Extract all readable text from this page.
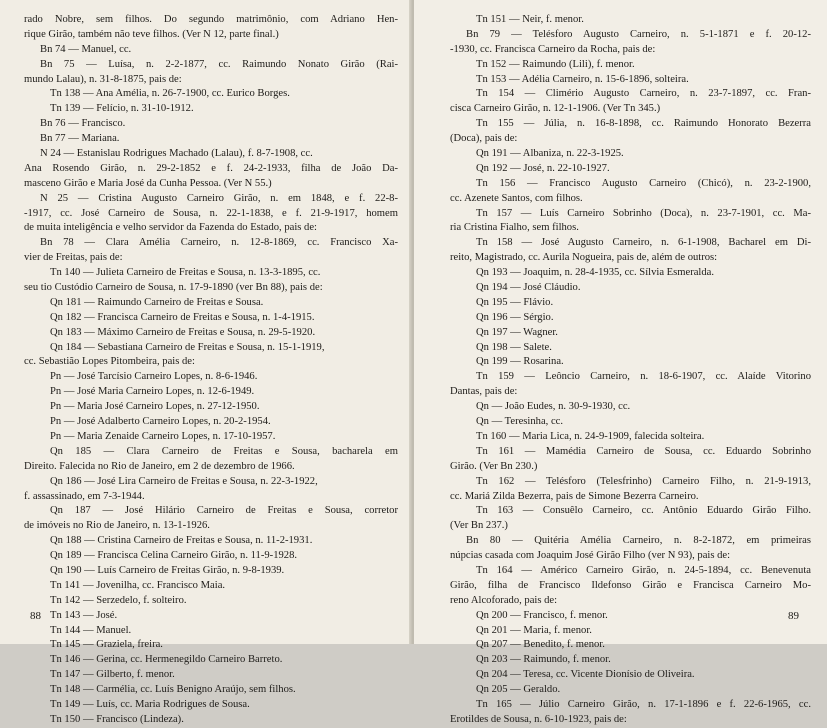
rado Nobre, sem filhos. Do segundo matrimônio, com Adriano Hen-
rique Girão, também não teve filhos. (Ver N 12, parte final.)
Bn 74 — Manuel, cc.
Bn 75 — Luísa, n. 2-2-1877, cc. Raimundo Nonato Girão (Rai-
mundo Lalau), n. 31-8-1875, pais de:
Tn 138 — Ana Amélia, n. 26-7-1900, cc. Eurico Borges.
Tn 139 — Felício, n. 31-10-1912.
Bn 76 — Francisco.
Bn 77 — Mariana.
N 24 — Estanislau Rodrigues Machado (Lalau), f. 8-7-1908, cc.
Ana Rosendo Girão, n. 29-2-1852 e f. 24-2-1933, filha de João Da-
masceno Girão e Maria José da Cunha Pessoa. (Ver N 55.)
N 25 — Cristina Augusto Carneiro Girão, n. em 1848, e f. 22-8-
-1917, cc. José Carneiro de Sousa, n. 22-1-1838, e f. 21-9-1917, homem
de muita inteligência e velho servidor da Fazenda do Estado, pais de:
Bn 78 — Clara Amélia Carneiro, n. 12-8-1869, cc. Francisco Xa-
vier de Freitas, pais de:
Tn 140 — Julieta Carneiro de Freitas e Sousa, n. 13-3-1895, cc.
seu tio Custódio Carneiro de Sousa, n. 17-9-1890 (ver Bn 88), pais de:
Qn 181 — Raimundo Carneiro de Freitas e Sousa.
Qn 182 — Francisca Carneiro de Freitas e Sousa, n. 1-4-1915.
Qn 183 — Máximo Carneiro de Freitas e Sousa, n. 29-5-1920.
Qn 184 — Sebastiana Carneiro de Freitas e Sousa, n. 15-1-1919,
cc. Sebastião Lopes Pitombeira, pais de:
Pn — José Tarcísio Carneiro Lopes, n. 8-6-1946.
Pn — José Maria Carneiro Lopes, n. 12-6-1949.
Pn — Maria José Carneiro Lopes, n. 27-12-1950.
Pn — José Adalberto Carneiro Lopes, n. 20-2-1954.
Pn — Maria Zenaide Carneiro Lopes, n. 17-10-1957.
Qn 185 — Clara Carneiro de Freitas e Sousa, bacharela em
Direito. Falecida no Rio de Janeiro, em 2 de dezembro de 1966.
Qn 186 — José Lira Carneiro de Freitas e Sousa, n. 22-3-1922,
f. assassinado, em 7-3-1944.
Qn 187 — José Hilário Carneiro de Freitas e Sousa, corretor
de imóveis no Rio de Janeiro, n. 13-1-1926.
Qn 188 — Cristina Carneiro de Freitas e Sousa, n. 11-2-1931.
Qn 189 — Francisca Celina Carneiro Girão, n. 11-9-1928.
Qn 190 — Luís Carneiro de Freitas Girão, n. 9-8-1939.
Tn 141 — Jovenilha, cc. Francisco Maia.
Tn 142 — Serzedelo, f. solteiro.
Tn 143 — José.
Tn 144 — Manuel.
Tn 145 — Graziela, freira.
Tn 146 — Gerina, cc. Hermenegildo Carneiro Barreto.
Tn 147 — Gilberto, f. menor.
Tn 148 — Carmélia, cc. Luís Benigno Araújo, sem filhos.
Tn 149 — Luís, cc. Maria Rodrigues de Sousa.
Tn 150 — Francisco (Lindeza).
88
Tn 151 — Neir, f. menor.
Bn 79 — Telésforo Augusto Carneiro, n. 5-1-1871 e f. 20-12-
-1930, cc. Francisca Carneiro da Rocha, pais de:
Tn 152 — Raimundo (Lili), f. menor.
Tn 153 — Adélia Carneiro, n. 15-6-1896, solteira.
Tn 154 — Climério Augusto Carneiro, n. 23-7-1897, cc. Fran-
cisca Carneiro Girão, n. 12-1-1906. (Ver Tn 345.)
Tn 155 — Júlia, n. 16-8-1898, cc. Raimundo Honorato Bezerra
(Doca), pais de:
Qn 191 — Albaniza, n. 22-3-1925.
Qn 192 — José, n. 22-10-1927.
Tn 156 — Francisco Augusto Carneiro (Chicó), n. 23-2-1900,
cc. Azenete Santos, com filhos.
Tn 157 — Luís Carneiro Sobrinho (Doca), n. 23-7-1901, cc. Ma-
ria Cristina Fialho, sem filhos.
Tn 158 — José Augusto Carneiro, n. 6-1-1908, Bacharel em Di-
reito, Magistrado, cc. Aurila Nogueira, pais de, além de outros:
Qn 193 — Joaquim, n. 28-4-1935, cc. Sílvia Esmeralda.
Qn 194 — José Cláudio.
Qn 195 — Flávio.
Qn 196 — Sérgio.
Qn 197 — Wagner.
Qn 198 — Salete.
Qn 199 — Rosarina.
Tn 159 — Leôncio Carneiro, n. 18-6-1907, cc. Alaíde Vitorino
Dantas, pais de:
Qn — João Eudes, n. 30-9-1930, cc.
Qn — Teresinha, cc.
Tn 160 — Maria Lica, n. 24-9-1909, falecida solteira.
Tn 161 — Mamédia Carneiro de Sousa, cc. Eduardo Sobrinho
Girão. (Ver Bn 230.)
Tn 162 — Telésforo (Telesfrinho) Carneiro Filho, n. 21-9-1913,
cc. Mariá Zilda Bezerra, pais de Simone Bezerra Carneiro.
Tn 163 — Consuêlo Carneiro, cc. Antônio Eduardo Girão Filho.
(Ver Bn 237.)
Bn 80 — Quitéria Amélia Carneiro, n. 8-2-1872, em primeiras
núpcias casada com Joaquim José Girão Filho (ver N 93), pais de:
Tn 164 — Américo Carneiro Girão, n. 24-5-1894, cc. Benevenuta
Girão, filha de Francisco Ildefonso Girão e Francisca Carneiro Mo-
reno Alcoforado, pais de:
Qn 200 — Francisco, f. menor.
Qn 201 — Maria, f. menor.
Qn 207 — Benedito, f. menor.
Qn 203 — Raimundo, f. menor.
Qn 204 — Teresa, cc. Vicente Dionísio de Oliveira.
Qn 205 — Geraldo.
Tn 165 — Júlio Carneiro Girão, n. 17-1-1896 e f. 22-6-1965, cc.
Erotildes de Sousa, n. 6-10-1923, pais de:
89
